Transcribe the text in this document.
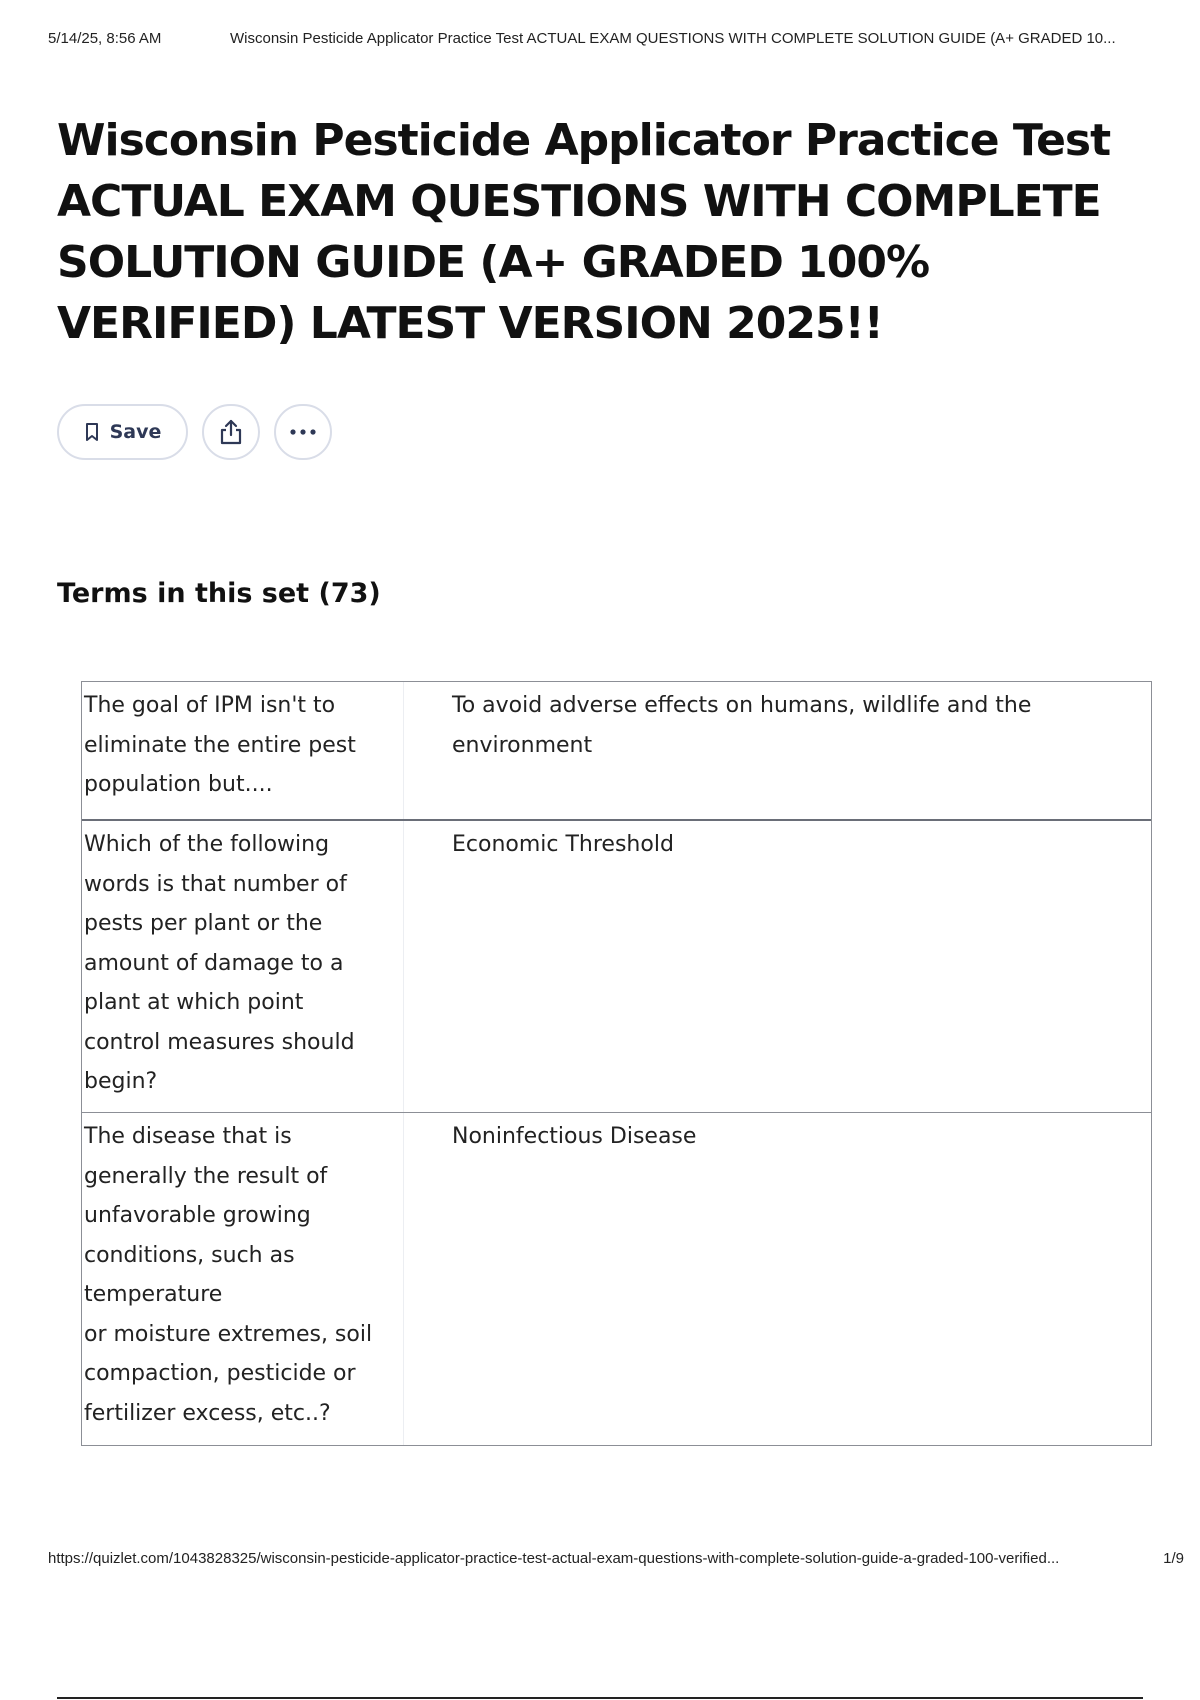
5/14/25, 8:56 AM	Wisconsin Pesticide Applicator Practice Test ACTUAL EXAM QUESTIONS WITH COMPLETE SOLUTION GUIDE (A+ GRADED 10...
Wisconsin Pesticide Applicator Practice Test ACTUAL EXAM QUESTIONS WITH COMPLETE SOLUTION GUIDE (A+ GRADED 100% VERIFIED) LATEST VERSION 2025!!
Save
Terms in this set (73)
The goal of IPM isn't to
eliminate the entire pest
population but....
To avoid adverse effects on humans, wildlife and the
environment
Which of the following
words is that number of
pests per plant or the
amount of damage to a
plant at which point
control measures should
begin?
Economic Threshold
The disease that is
generally the result of
unfavorable growing
conditions, such as
temperature
or moisture extremes, soil
compaction, pesticide or
fertilizer excess, etc..?
Noninfectious Disease
https://quizlet.com/1043828325/wisconsin-pesticide-applicator-practice-test-actual-exam-questions-with-complete-solution-guide-a-graded-100-verified...	1/9
